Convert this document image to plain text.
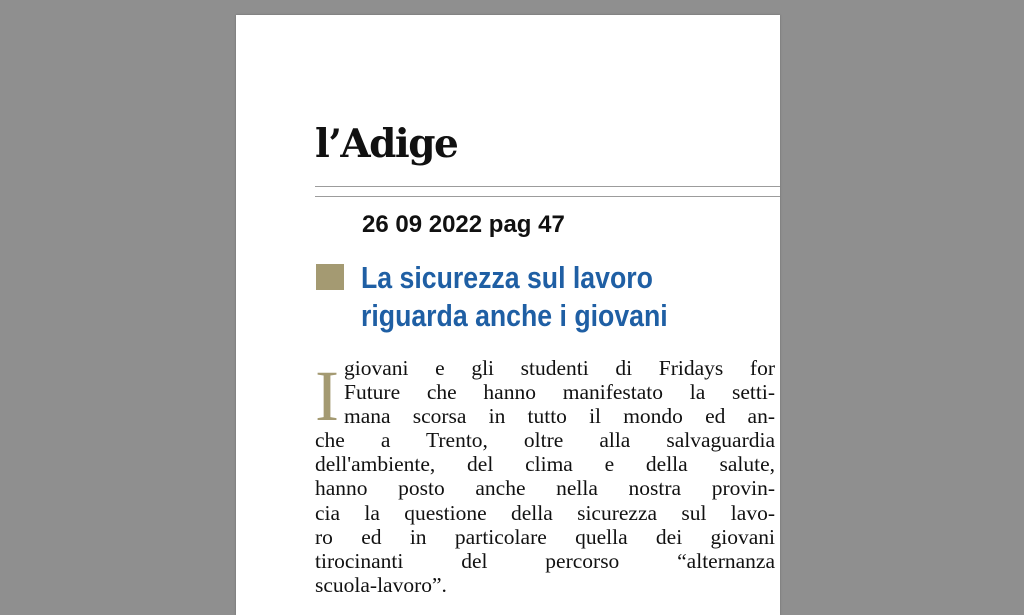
l’Adige
26 09 2022 pag 47
La sicurezza sul lavoro
riguarda anche i giovani
I giovani e gli studenti di Fridays for
Future che hanno manifestato la setti-
mana scorsa in tutto il mondo ed an-
che a Trento, oltre alla salvaguardia
dell'ambiente, del clima e della salute,
hanno posto anche nella nostra provin-
cia la questione della sicurezza sul lavo-
ro ed in particolare quella dei giovani
tirocinanti del percorso “alternanza
scuola-lavoro”.
